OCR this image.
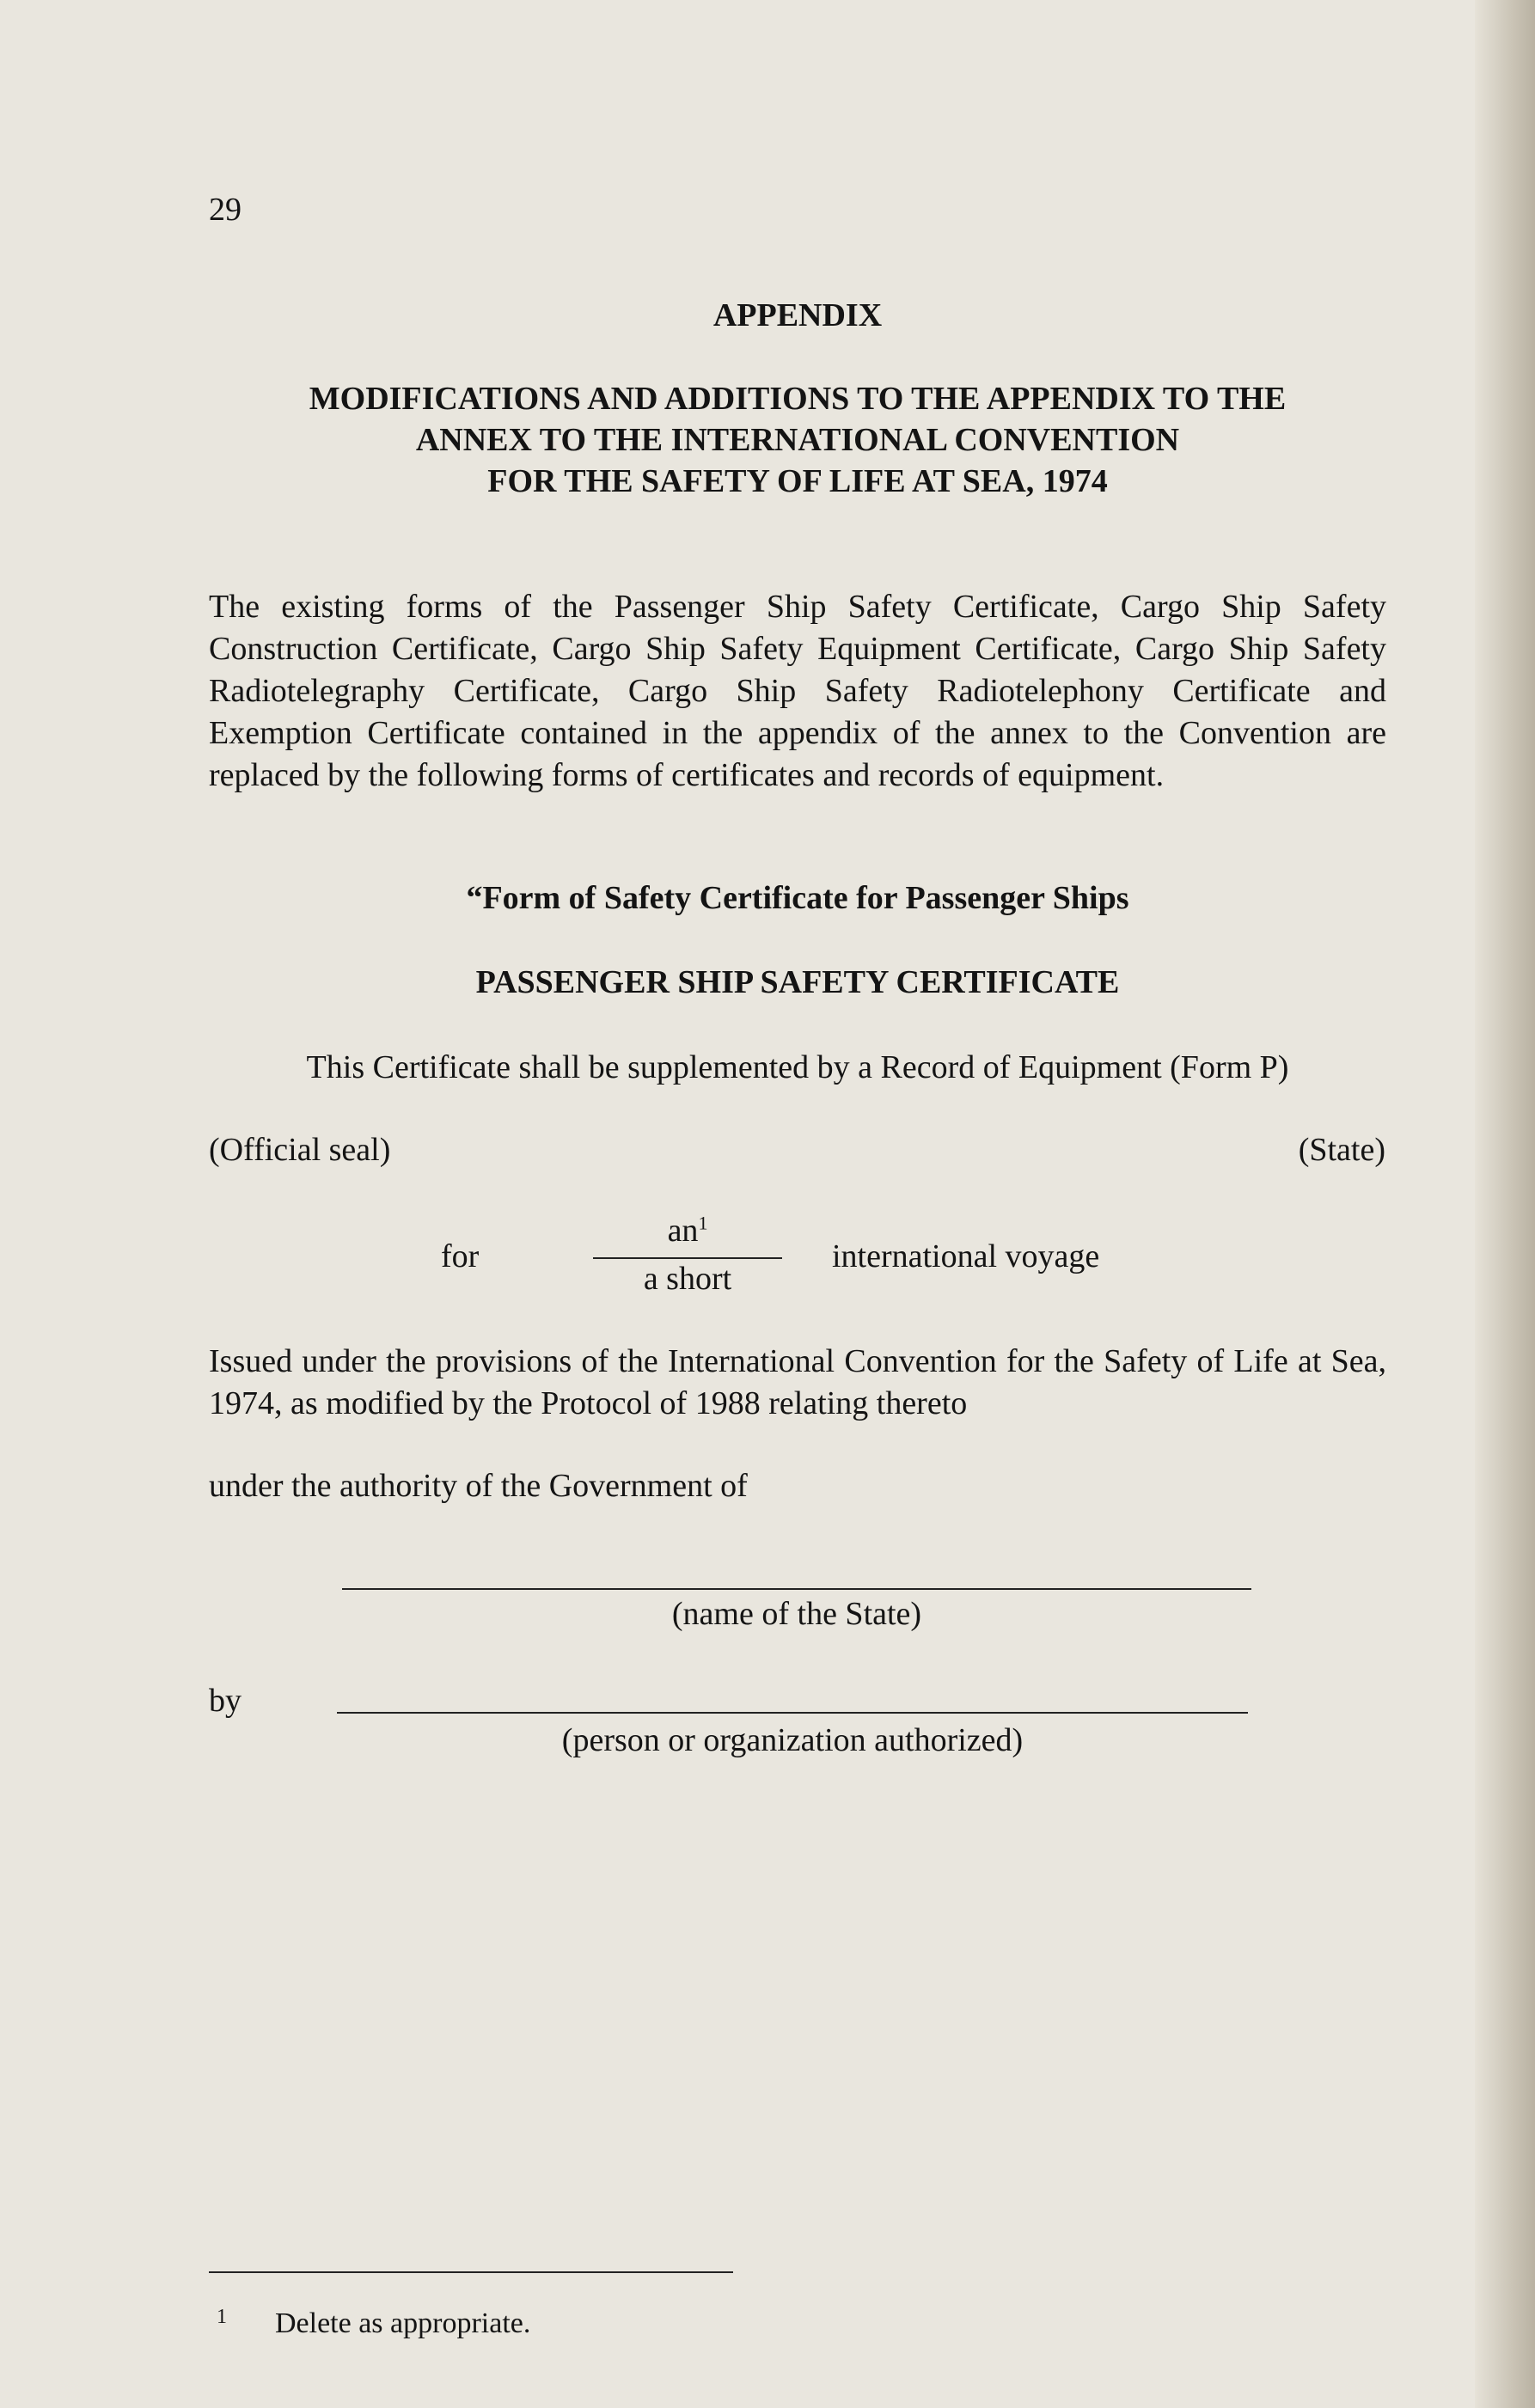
29
APPENDIX
MODIFICATIONS AND ADDITIONS TO THE APPENDIX TO THE
ANNEX TO THE INTERNATIONAL CONVENTION
FOR THE SAFETY OF LIFE AT SEA, 1974

The existing forms of the Passenger Ship Safety Certificate, Cargo Ship Safety Construction Certificate, Cargo Ship Safety Equipment Certificate, Cargo Ship Safety Radiotelegraphy Certificate, Cargo Ship Safety Radiotelephony Certificate and Exemption Certificate contained in the appendix of the annex to the Convention are replaced by the following forms of certificates and records of equipment.

“Form of Safety Certificate for Passenger Ships
PASSENGER SHIP SAFETY CERTIFICATE
This Certificate shall be supplemented by a Record of Equipment (Form P)
(Official seal)	(State)
for
$an^1$
a short
international voyage

Issued under the provisions of the International Convention for the Safety of Life at Sea, 1974, as modified by the Protocol of 1988 relating thereto

under the authority of the Government of
(name of the State)
by
(person or organization authorized)
1 Delete as appropriate.
